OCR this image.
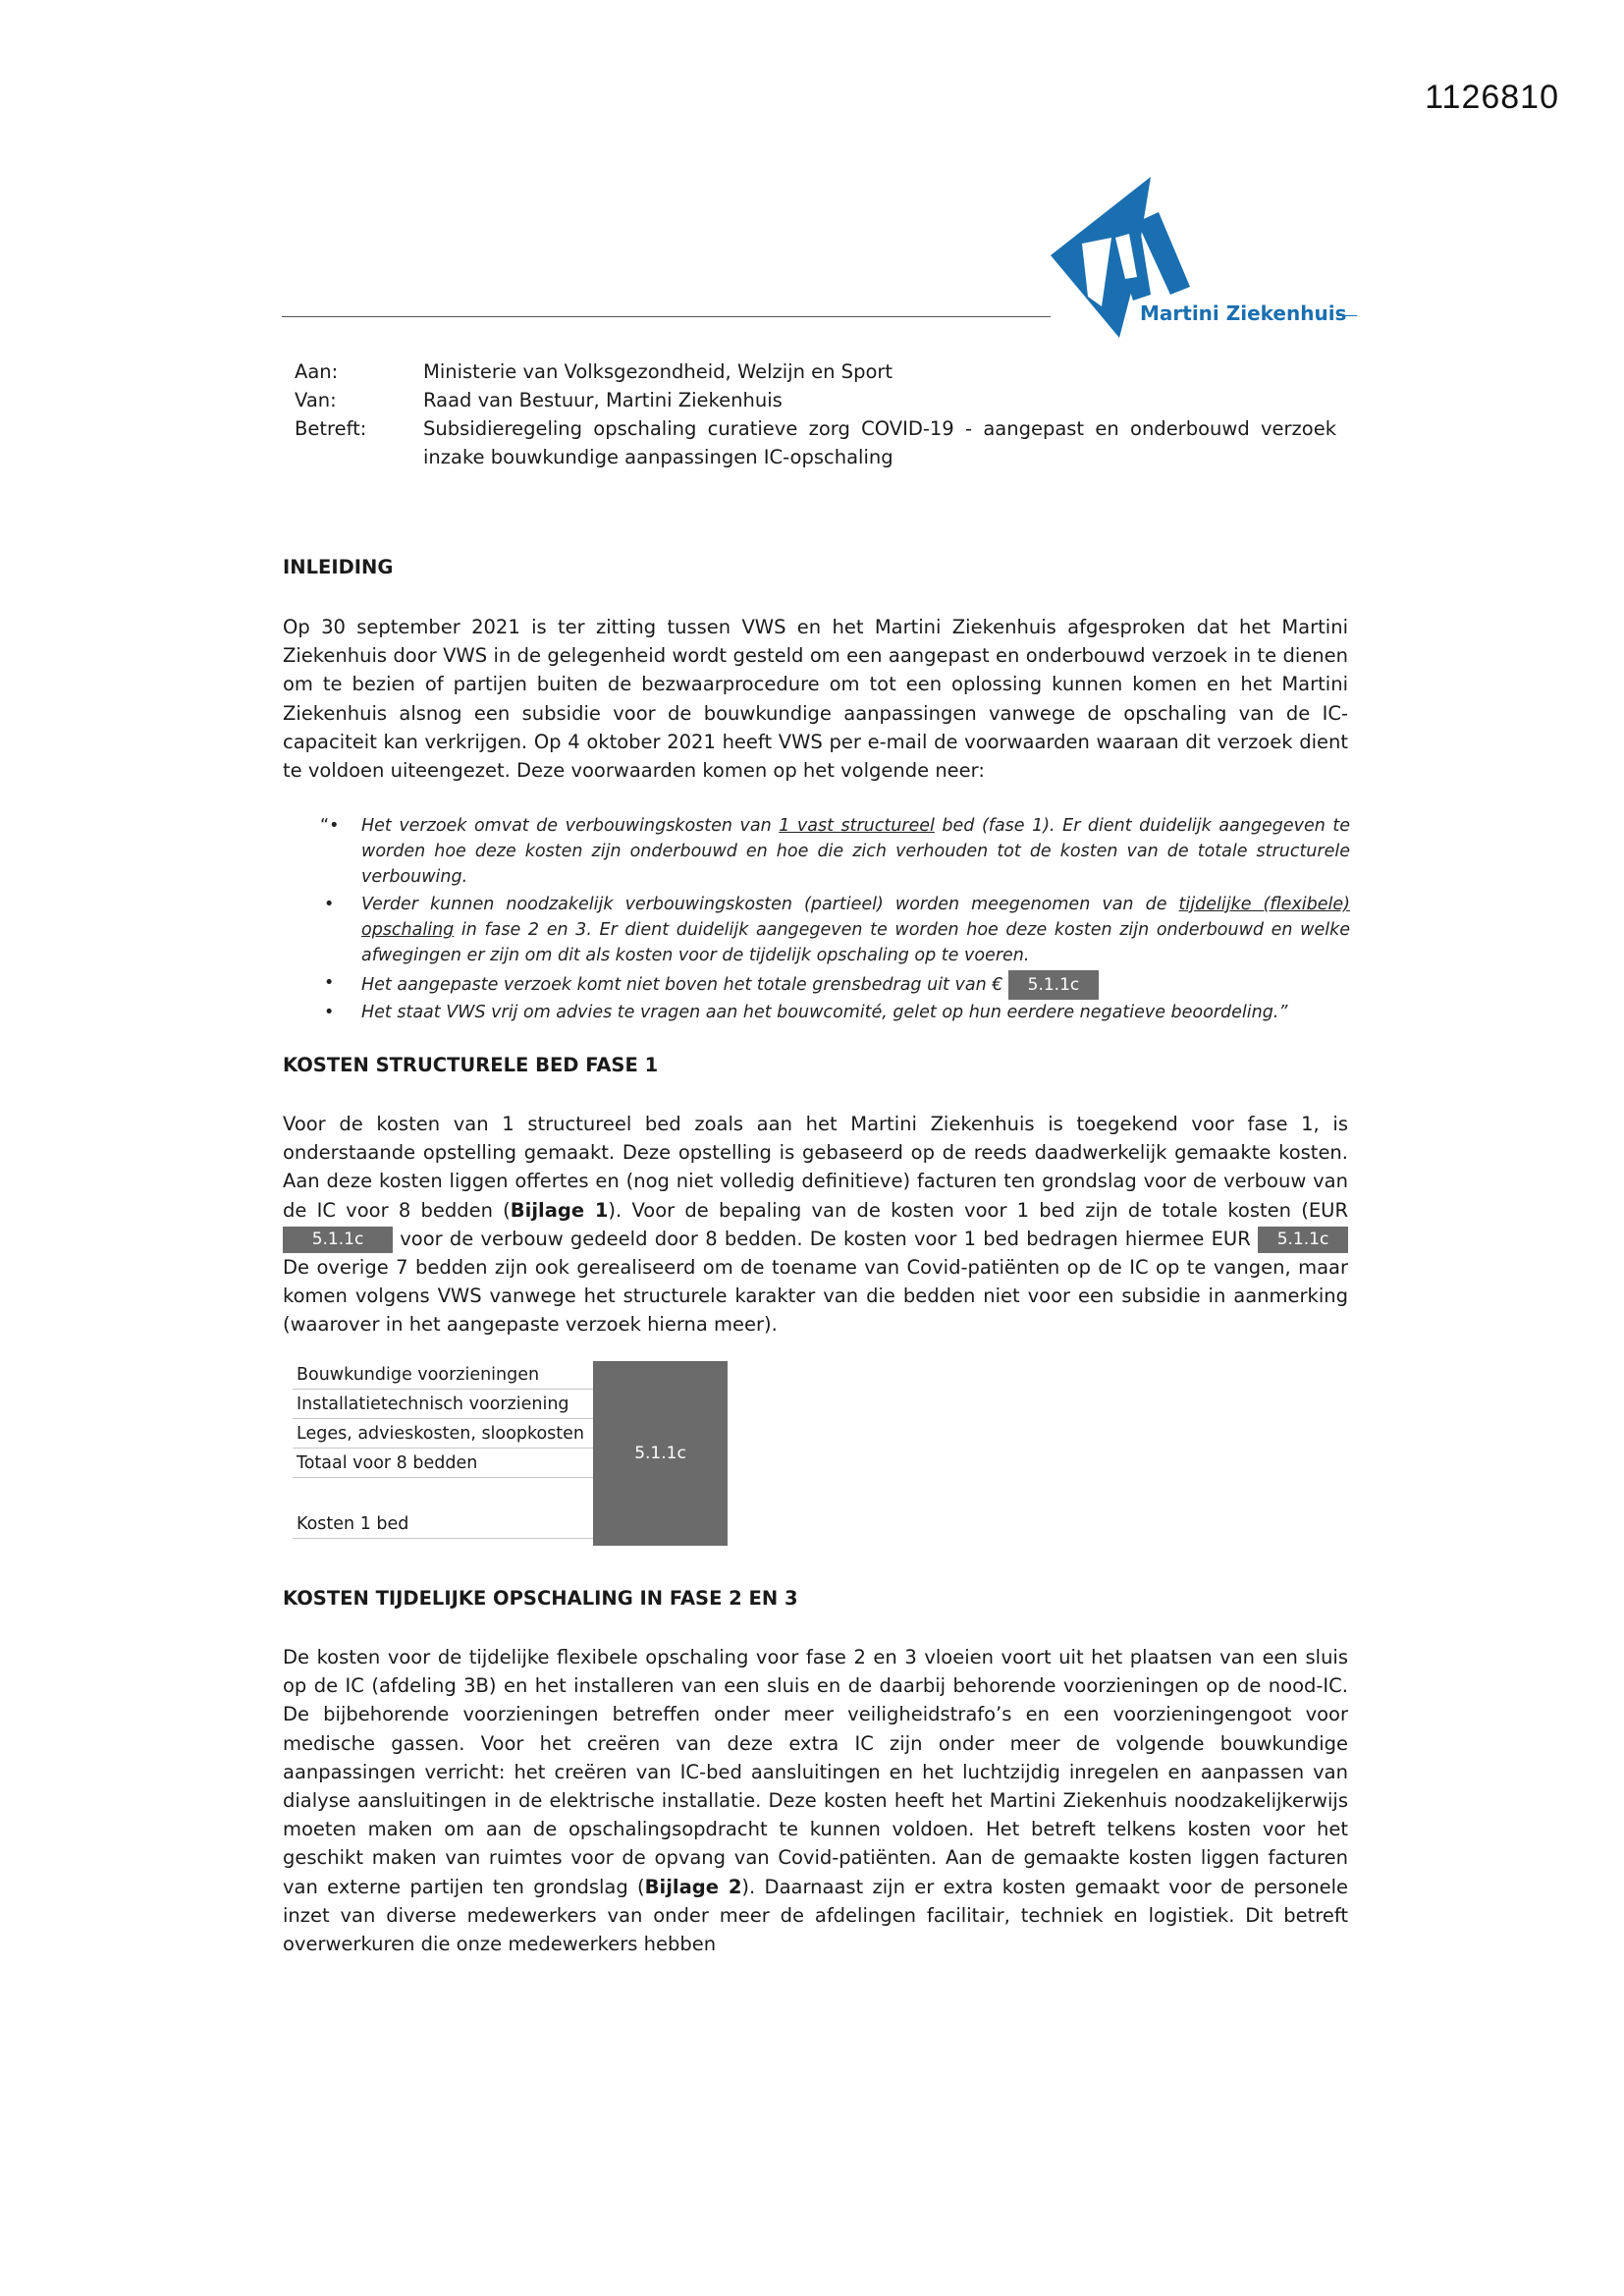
1126810
Martini Ziekenhuis
Aan:	Ministerie van Volksgezondheid, Welzijn en Sport
Van:	Raad van Bestuur, Martini Ziekenhuis
Betreft:	Subsidieregeling opschaling curatieve zorg COVID-19 - aangepast en onderbouwd verzoek inzake bouwkundige aanpassingen IC-opschaling
INLEIDING
Op 30 september 2021 is ter zitting tussen VWS en het Martini Ziekenhuis afgesproken dat het Martini Ziekenhuis door VWS in de gelegenheid wordt gesteld om een aangepast en onderbouwd verzoek in te dienen om te bezien of partijen buiten de bezwaarprocedure om tot een oplossing kunnen komen en het Martini Ziekenhuis alsnog een subsidie voor de bouwkundige aanpassingen vanwege de opschaling van de IC-capaciteit kan verkrijgen. Op 4 oktober 2021 heeft VWS per e-mail de voorwaarden waaraan dit verzoek dient te voldoen uiteengezet. Deze voorwaarden komen op het volgende neer:
“• Het verzoek omvat de verbouwingskosten van 1 vast structureel bed (fase 1). Er dient duidelijk aangegeven te worden hoe deze kosten zijn onderbouwd en hoe die zich verhouden tot de kosten van de totale structurele verbouwing.
• Verder kunnen noodzakelijk verbouwingskosten (partieel) worden meegenomen van de tijdelijke (flexibele) opschaling in fase 2 en 3. Er dient duidelijk aangegeven te worden hoe deze kosten zijn onderbouwd en welke afwegingen er zijn om dit als kosten voor de tijdelijk opschaling op te voeren.
• Het aangepaste verzoek komt niet boven het totale grensbedrag uit van € 5.1.1c
• Het staat VWS vrij om advies te vragen aan het bouwcomité, gelet op hun eerdere negatieve beoordeling.”
KOSTEN STRUCTURELE BED FASE 1
Voor de kosten van 1 structureel bed zoals aan het Martini Ziekenhuis is toegekend voor fase 1, is onderstaande opstelling gemaakt. Deze opstelling is gebaseerd op de reeds daadwerkelijk gemaakte kosten. Aan deze kosten liggen offertes en (nog niet volledig definitieve) facturen ten grondslag voor de verbouw van de IC voor 8 bedden (Bijlage 1). Voor de bepaling van de kosten voor 1 bed zijn de totale kosten (EUR 5.1.1c voor de verbouw gedeeld door 8 bedden. De kosten voor 1 bed bedragen hiermee EUR 5.1.1c De overige 7 bedden zijn ook gerealiseerd om de toename van Covid-patiënten op de IC op te vangen, maar komen volgens VWS vanwege het structurele karakter van die bedden niet voor een subsidie in aanmerking (waarover in het aangepaste verzoek hierna meer).
Bouwkundige voorzieningen
Installatietechnisch voorziening
Leges, advieskosten, sloopkosten
Totaal voor 8 bedden

Kosten 1 bed
5.1.1c
KOSTEN TIJDELIJKE OPSCHALING IN FASE 2 EN 3
De kosten voor de tijdelijke flexibele opschaling voor fase 2 en 3 vloeien voort uit het plaatsen van een sluis op de IC (afdeling 3B) en het installeren van een sluis en de daarbij behorende voorzieningen op de nood-IC. De bijbehorende voorzieningen betreffen onder meer veiligheidstrafo’s en een voorzieningengoot voor medische gassen. Voor het creëren van deze extra IC zijn onder meer de volgende bouwkundige aanpassingen verricht: het creëren van IC-bed aansluitingen en het luchtzijdig inregelen en aanpassen van dialyse aansluitingen in de elektrische installatie. Deze kosten heeft het Martini Ziekenhuis noodzakelijkerwijs moeten maken om aan de opschalingsopdracht te kunnen voldoen. Het betreft telkens kosten voor het geschikt maken van ruimtes voor de opvang van Covid-patiënten. Aan de gemaakte kosten liggen facturen van externe partijen ten grondslag (Bijlage 2). Daarnaast zijn er extra kosten gemaakt voor de personele inzet van diverse medewerkers van onder meer de afdelingen facilitair, techniek en logistiek. Dit betreft overwerkuren die onze medewerkers hebben
